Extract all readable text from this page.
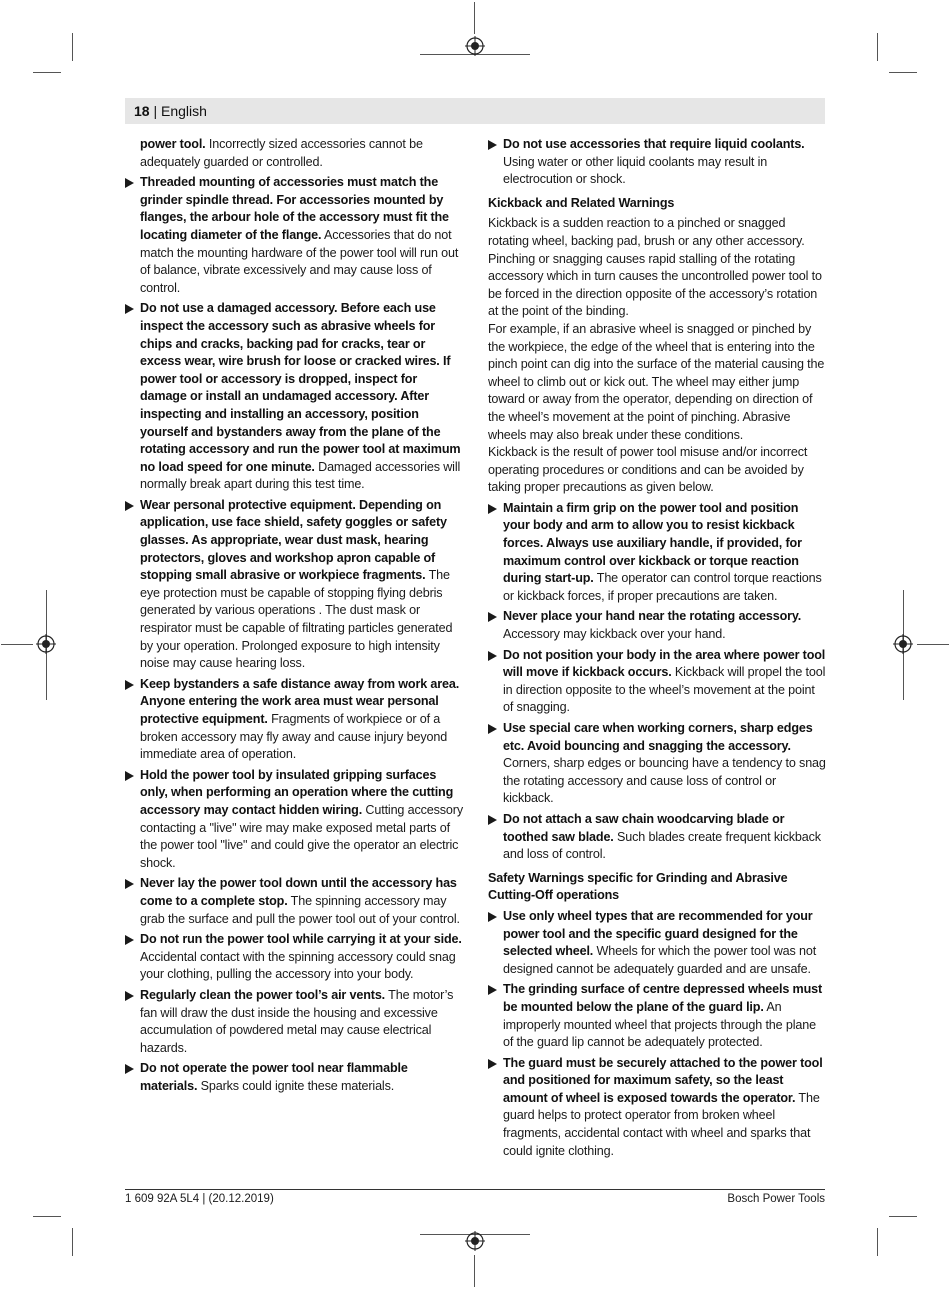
18 | English
power tool. Incorrectly sized accessories cannot be adequately guarded or controlled.
Threaded mounting of accessories must match the grinder spindle thread. For accessories mounted by flanges, the arbour hole of the accessory must fit the locating diameter of the flange. Accessories that do not match the mounting hardware of the power tool will run out of balance, vibrate excessively and may cause loss of control.
Do not use a damaged accessory. Before each use inspect the accessory such as abrasive wheels for chips and cracks, backing pad for cracks, tear or excess wear, wire brush for loose or cracked wires. If power tool or accessory is dropped, inspect for damage or install an undamaged accessory. After inspecting and installing an accessory, position yourself and bystanders away from the plane of the rotating accessory and run the power tool at maximum no load speed for one minute. Damaged accessories will normally break apart during this test time.
Wear personal protective equipment. Depending on application, use face shield, safety goggles or safety glasses. As appropriate, wear dust mask, hearing protectors, gloves and workshop apron capable of stopping small abrasive or workpiece fragments. The eye protection must be capable of stopping flying debris generated by various operations . The dust mask or respirator must be capable of filtrating particles generated by your operation. Prolonged exposure to high intensity noise may cause hearing loss.
Keep bystanders a safe distance away from work area. Anyone entering the work area must wear personal protective equipment. Fragments of workpiece or of a broken accessory may fly away and cause injury beyond immediate area of operation.
Hold the power tool by insulated gripping surfaces only, when performing an operation where the cutting accessory may contact hidden wiring. Cutting accessory contacting a "live" wire may make exposed metal parts of the power tool "live" and could give the operator an electric shock.
Never lay the power tool down until the accessory has come to a complete stop. The spinning accessory may grab the surface and pull the power tool out of your control.
Do not run the power tool while carrying it at your side. Accidental contact with the spinning accessory could snag your clothing, pulling the accessory into your body.
Regularly clean the power tool’s air vents. The motor’s fan will draw the dust inside the housing and excessive accumulation of powdered metal may cause electrical hazards.
Do not operate the power tool near flammable materials. Sparks could ignite these materials.
Do not use accessories that require liquid coolants. Using water or other liquid coolants may result in electrocution or shock.
Kickback and Related Warnings
Kickback is a sudden reaction to a pinched or snagged rotating wheel, backing pad, brush or any other accessory. Pinching or snagging causes rapid stalling of the rotating accessory which in turn causes the uncontrolled power tool to be forced in the direction opposite of the accessory’s rotation at the point of the binding.
For example, if an abrasive wheel is snagged or pinched by the workpiece, the edge of the wheel that is entering into the pinch point can dig into the surface of the material causing the wheel to climb out or kick out. The wheel may either jump toward or away from the operator, depending on direction of the wheel’s movement at the point of pinching. Abrasive wheels may also break under these conditions.
Kickback is the result of power tool misuse and/or incorrect operating procedures or conditions and can be avoided by taking proper precautions as given below.
Maintain a firm grip on the power tool and position your body and arm to allow you to resist kickback forces. Always use auxiliary handle, if provided, for maximum control over kickback or torque reaction during start-up. The operator can control torque reactions or kickback forces, if proper precautions are taken.
Never place your hand near the rotating accessory. Accessory may kickback over your hand.
Do not position your body in the area where power tool will move if kickback occurs. Kickback will propel the tool in direction opposite to the wheel’s movement at the point of snagging.
Use special care when working corners, sharp edges etc. Avoid bouncing and snagging the accessory. Corners, sharp edges or bouncing have a tendency to snag the rotating accessory and cause loss of control or kickback.
Do not attach a saw chain woodcarving blade or toothed saw blade. Such blades create frequent kickback and loss of control.
Safety Warnings specific for Grinding and Abrasive Cutting-Off operations
Use only wheel types that are recommended for your power tool and the specific guard designed for the selected wheel. Wheels for which the power tool was not designed cannot be adequately guarded and are unsafe.
The grinding surface of centre depressed wheels must be mounted below the plane of the guard lip. An improperly mounted wheel that projects through the plane of the guard lip cannot be adequately protected.
The guard must be securely attached to the power tool and positioned for maximum safety, so the least amount of wheel is exposed towards the operator. The guard helps to protect operator from broken wheel fragments, accidental contact with wheel and sparks that could ignite clothing.
1 609 92A 5L4 | (20.12.2019)	Bosch Power Tools
